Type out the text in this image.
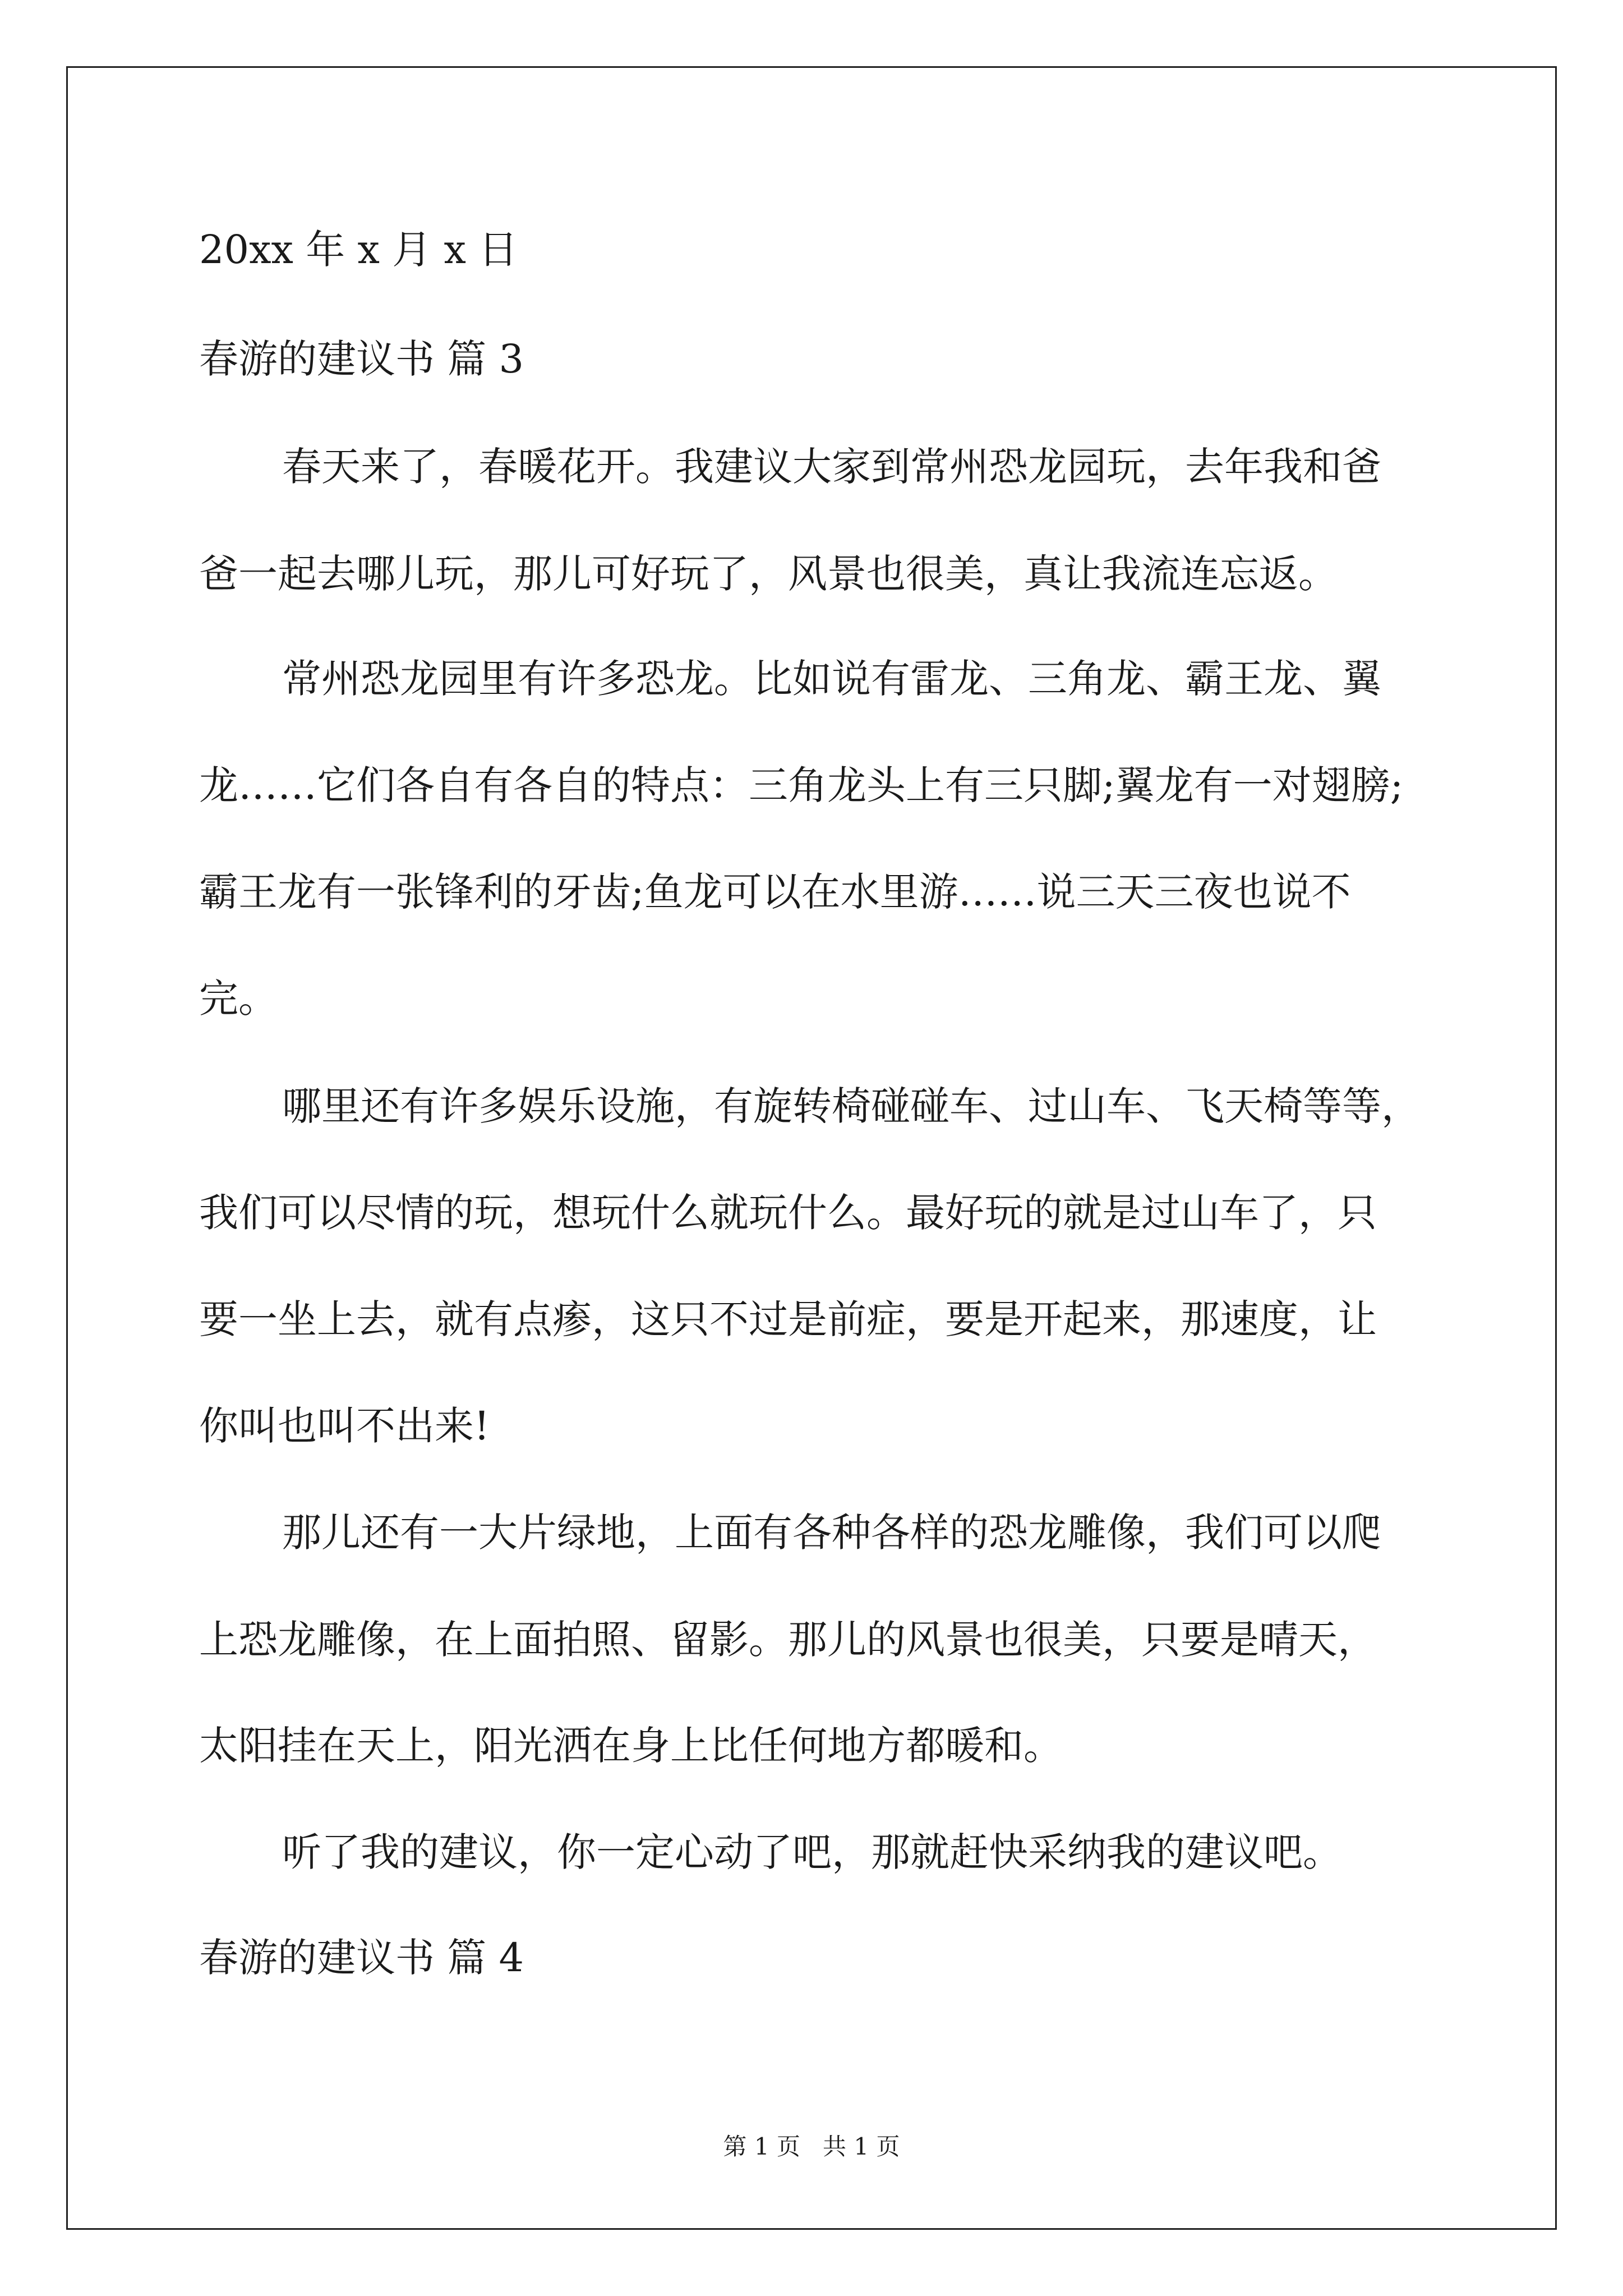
20xx 年 x 月 x 日
春游的建议书 篇 3
春天来了，春暖花开。我建议大家到常州恐龙园玩，去年我和爸
爸一起去哪儿玩，那儿可好玩了，风景也很美，真让我流连忘返。
常州恐龙园里有许多恐龙。比如说有雷龙、三角龙、霸王龙、翼
龙……它们各自有各自的特点：三角龙头上有三只脚;翼龙有一对翅膀;
霸王龙有一张锋利的牙齿;鱼龙可以在水里游……说三天三夜也说不
完。
哪里还有许多娱乐设施，有旋转椅碰碰车、过山车、飞天椅等等，
我们可以尽情的玩，想玩什么就玩什么。最好玩的就是过山车了，只
要一坐上去，就有点瘆，这只不过是前症，要是开起来，那速度，让
你叫也叫不出来!
那儿还有一大片绿地，上面有各种各样的恐龙雕像，我们可以爬
上恐龙雕像，在上面拍照、留影。那儿的风景也很美，只要是晴天，
太阳挂在天上，阳光洒在身上比任何地方都暖和。
听了我的建议，你一定心动了吧，那就赶快采纳我的建议吧。
春游的建议书 篇 4
第 1 页   共 1 页
